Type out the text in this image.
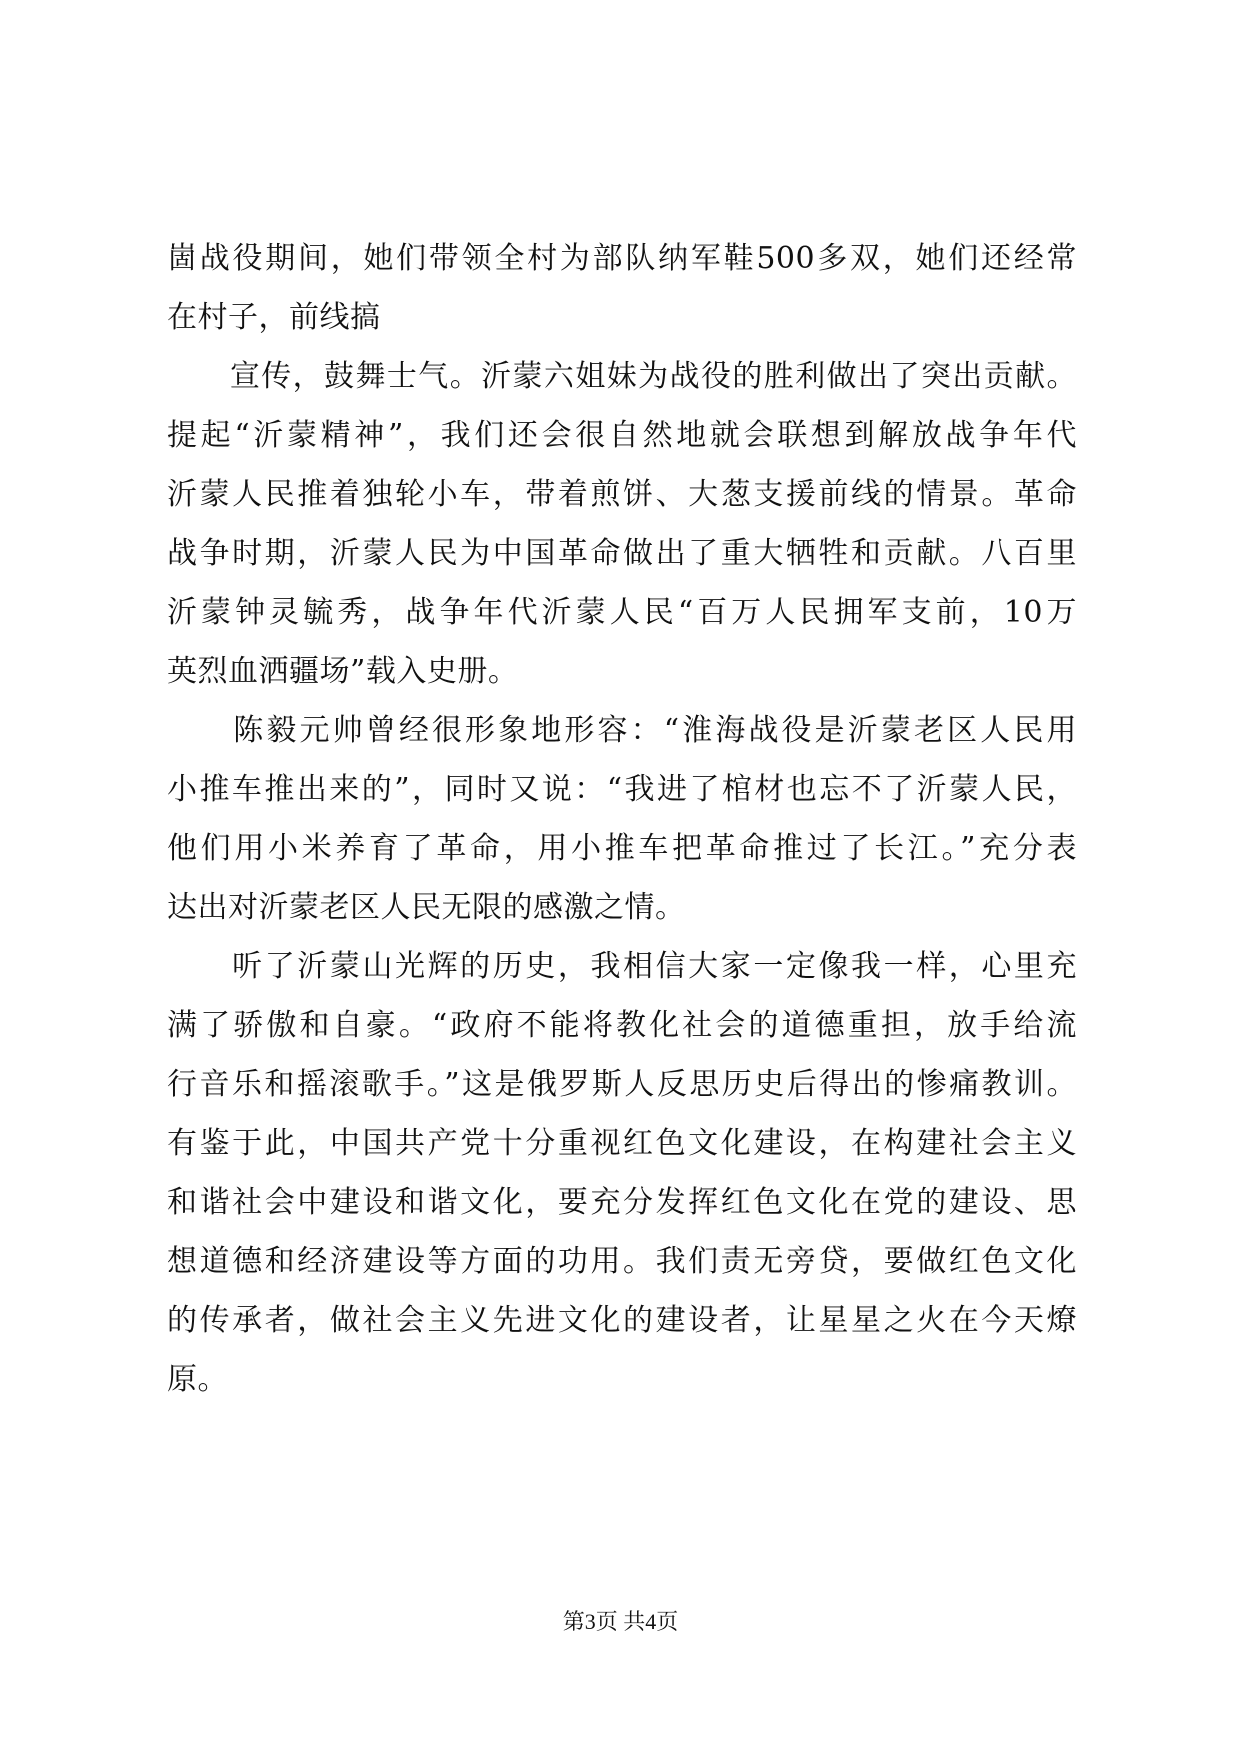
崮战役期间，她们带领全村为部队纳军鞋500多双，她们还经常
在村子，前线搞
　　宣传，鼓舞士气。沂蒙六姐妹为战役的胜利做出了突出贡献。
提起“沂蒙精神”，我们还会很自然地就会联想到解放战争年代
沂蒙人民推着独轮小车，带着煎饼、大葱支援前线的情景。革命
战争时期，沂蒙人民为中国革命做出了重大牺牲和贡献。八百里
沂蒙钟灵毓秀，战争年代沂蒙人民“百万人民拥军支前，10万
英烈血洒疆场”载入史册。
　　陈毅元帅曾经很形象地形容：“淮海战役是沂蒙老区人民用
小推车推出来的”，同时又说：“我进了棺材也忘不了沂蒙人民，
他们用小米养育了革命，用小推车把革命推过了长江。”充分表
达出对沂蒙老区人民无限的感激之情。
　　听了沂蒙山光辉的历史，我相信大家一定像我一样，心里充
满了骄傲和自豪。“政府不能将教化社会的道德重担，放手给流
行音乐和摇滚歌手。”这是俄罗斯人反思历史后得出的惨痛教训。
有鉴于此，中国共产党十分重视红色文化建设，在构建社会主义
和谐社会中建设和谐文化，要充分发挥红色文化在党的建设、思
想道德和经济建设等方面的功用。我们责无旁贷，要做红色文化
的传承者，做社会主义先进文化的建设者，让星星之火在今天燎
原。
第3页 共4页
